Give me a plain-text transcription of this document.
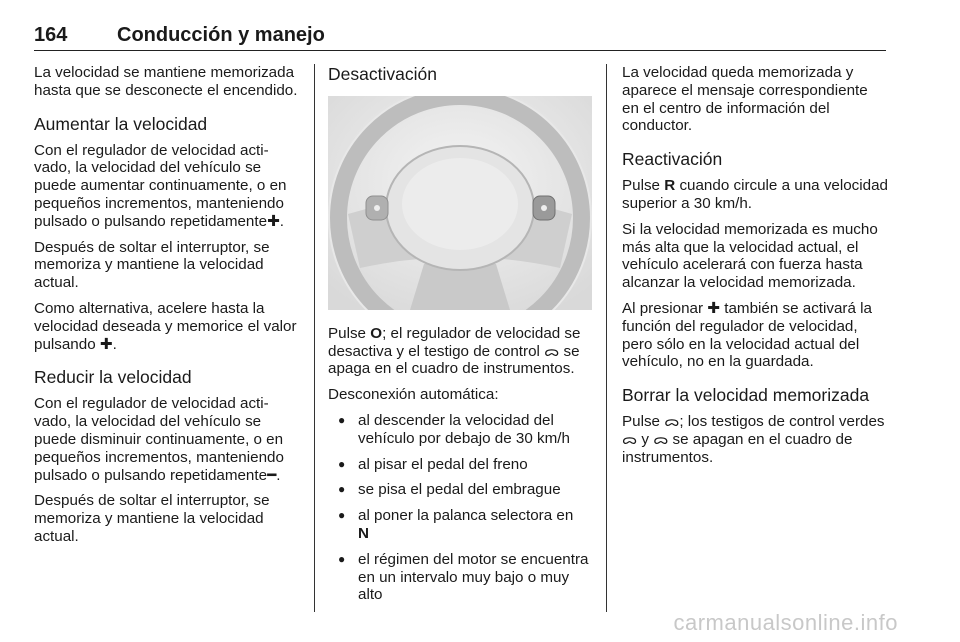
164 Conducción y manejo

La velocidad se mantiene memorizada hasta que se desconecte el encendido.

Aumentar la velocidad

Con el regulador de velocidad activado, la velocidad del vehículo se puede aumentar continuamente, o en pequeños incrementos, manteniendo pulsado o pulsando repetidamente✚.

Después de soltar el interruptor, se memoriza y mantiene la velocidad actual.

Como alternativa, acelere hasta la velocidad deseada y memorice el valor pulsando ✚.

Reducir la velocidad

Con el regulador de velocidad activado, la velocidad del vehículo se puede disminuir continuamente, o en pequeños incrementos, manteniendo pulsado o pulsando repetidamente━.

Después de soltar el interruptor, se memoriza y mantiene la velocidad actual.

Desactivación

Pulse O; el regulador de velocidad se desactiva y el testigo de control ᯅ se apaga en el cuadro de instrumentos.

Desconexión automática:

● al descender la velocidad del vehículo por debajo de 30 km/h
● al pisar el pedal del freno
● se pisa el pedal del embrague
● al poner la palanca selectora en
N
● el régimen del motor se encuentra en un intervalo muy bajo o muy alto

La velocidad queda memorizada y aparece el mensaje correspondiente en el centro de información del conductor.

Reactivación

Pulse R cuando circule a una velocidad superior a 30 km/h.

Si la velocidad memorizada es mucho más alta que la velocidad actual, el vehículo acelerará con fuerza hasta alcanzar la velocidad memorizada.

Al presionar ✚ también se activará la función del regulador de velocidad, pero sólo en la velocidad actual del vehículo, no en la guardada.

Borrar la velocidad memorizada

Pulse ᯅ; los testigos de control verdes ᯅ y ᯅ se apagan en el cuadro de instrumentos.

carmanualsonline.info
